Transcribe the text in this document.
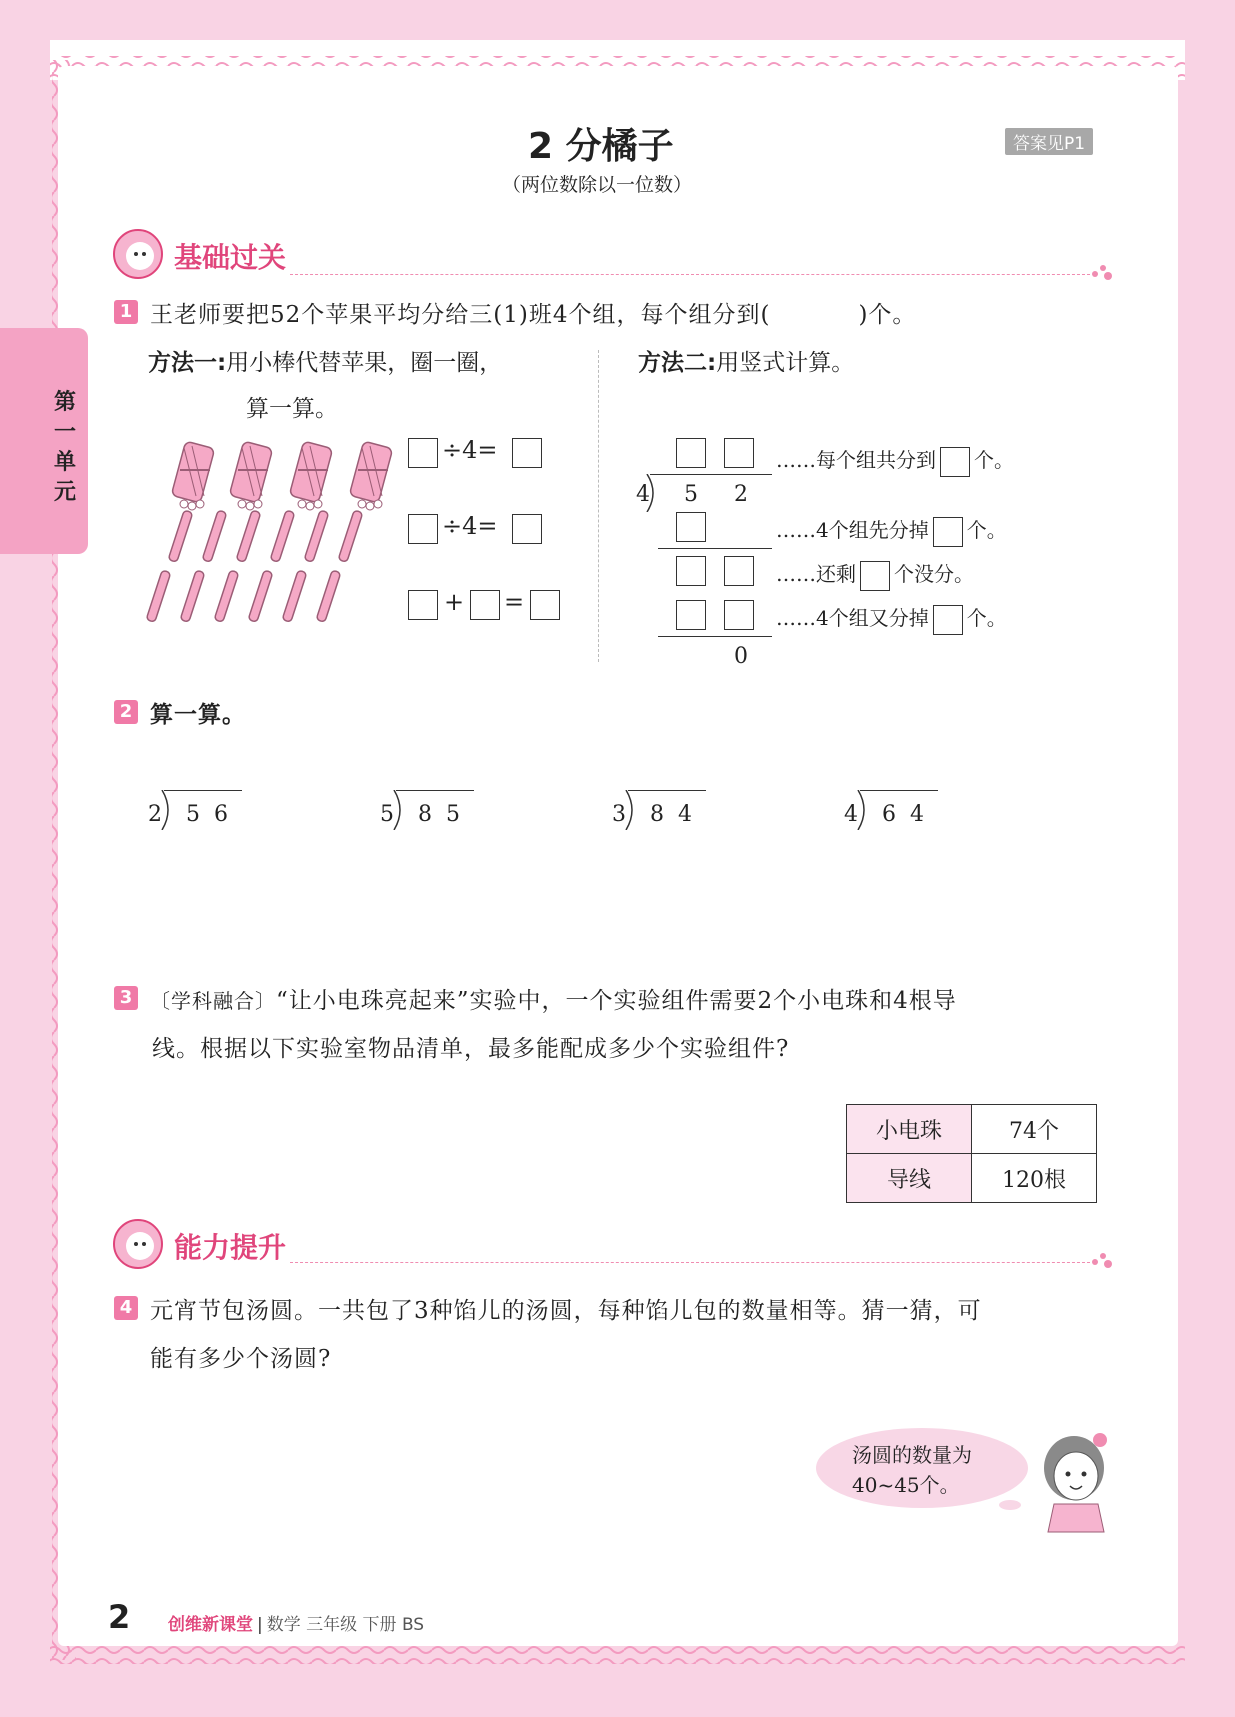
第一单元
2 分橘子
（两位数除以一位数）
答案见P1
基础过关
1 王老师要把52个苹果平均分给三(1)班4个组，每个组分到(	)个。
方法一:用小棒代替苹果，圈一圈，
算一算。
÷4=
÷4=
+ =
方法二:用竖式计算。
4 5 2
0
……每个组共分到 个。
……4个组先分掉 个。
……还剩 个没分。
……4个组又分掉 个。
2 算一算。
2 5 6	5 8 5	3 8 4	4 6 4
3 〔学科融合〕“让小电珠亮起来”实验中，一个实验组件需要2个小电珠和4根导
线。根据以下实验室物品清单，最多能配成多少个实验组件?
小电珠	74个
导线	120根
能力提升
4 元宵节包汤圆。一共包了3种馅儿的汤圆，每种馅儿包的数量相等。猜一猜，可
能有多少个汤圆?
汤圆的数量为
40~45个。
2 创维新课堂 | 数学 三年级 下册 BS
